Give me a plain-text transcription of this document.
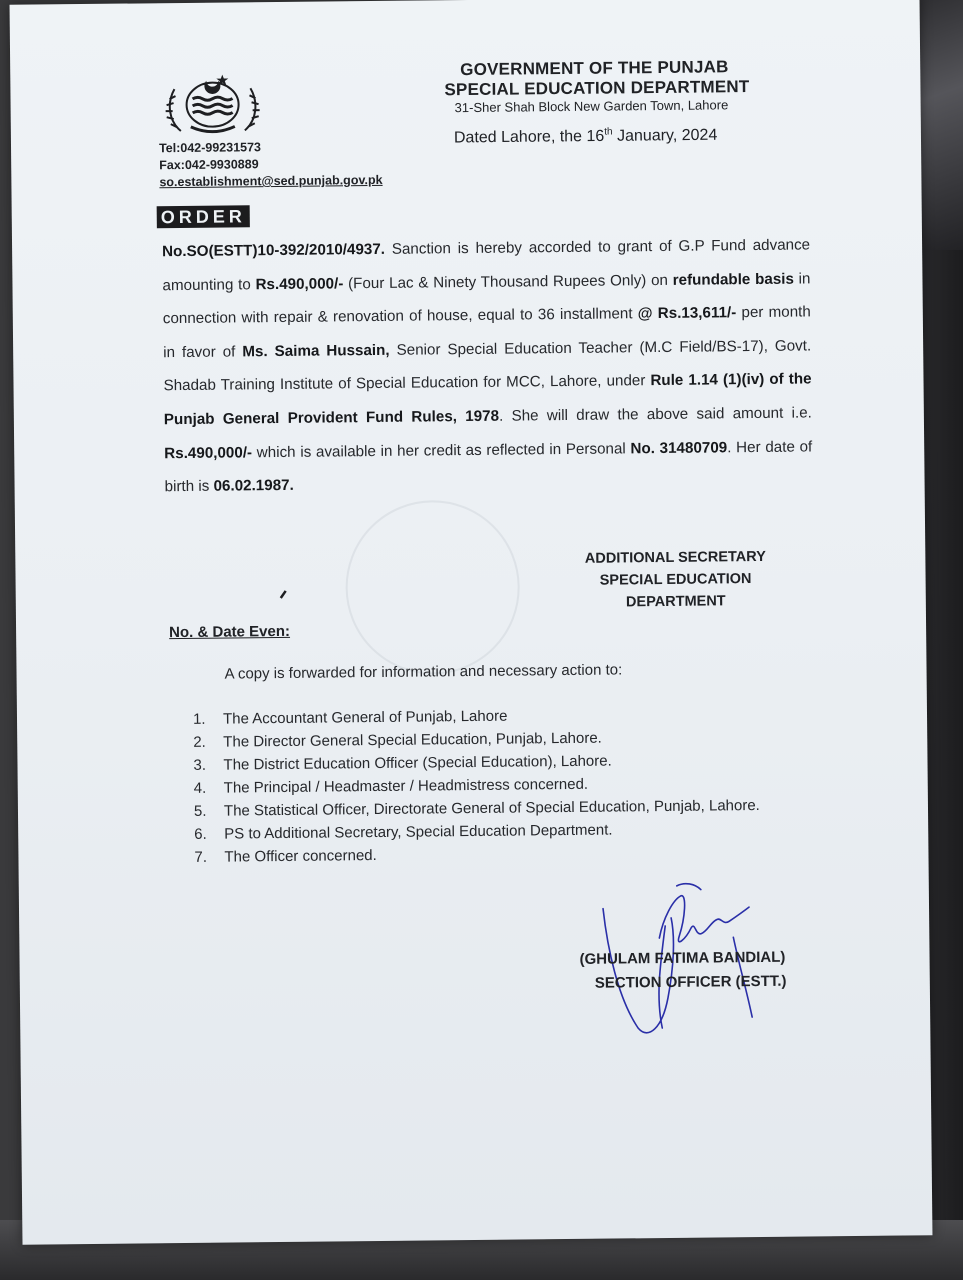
GOVERNMENT OF THE PUNJAB
SPECIAL EDUCATION DEPARTMENT
31-Sher Shah Block New Garden Town, Lahore
Tel:042-99231573
Fax:042-9930889
so.establishment@sed.punjab.gov.pk
Dated Lahore, the 16th January, 2024
ORDER
No.SO(ESTT)10-392/2010/4937. Sanction is hereby accorded to grant of G.P Fund advance amounting to Rs.490,000/- (Four Lac & Ninety Thousand Rupees Only) on refundable basis in connection with repair & renovation of house, equal to 36 installment @ Rs.13,611/- per month in favor of Ms. Saima Hussain, Senior Special Education Teacher (M.C Field/BS-17), Govt. Shadab Training Institute of Special Education for MCC, Lahore, under Rule 1.14 (1)(iv) of the Punjab General Provident Fund Rules, 1978. She will draw the above said amount i.e. Rs.490,000/- which is available in her credit as reflected in Personal No. 31480709. Her date of birth is 06.02.1987.
ADDITIONAL SECRETARY
SPECIAL EDUCATION
DEPARTMENT
No. & Date Even:
A copy is forwarded for information and necessary action to:
1. The Accountant General of Punjab, Lahore
2. The Director General Special Education, Punjab, Lahore.
3. The District Education Officer (Special Education), Lahore.
4. The Principal / Headmaster / Headmistress concerned.
5. The Statistical Officer, Directorate General of Special Education, Punjab, Lahore.
6. PS to Additional Secretary, Special Education Department.
7. The Officer concerned.
(GHULAM FATIMA BANDIAL)
SECTION OFFICER (ESTT.)
